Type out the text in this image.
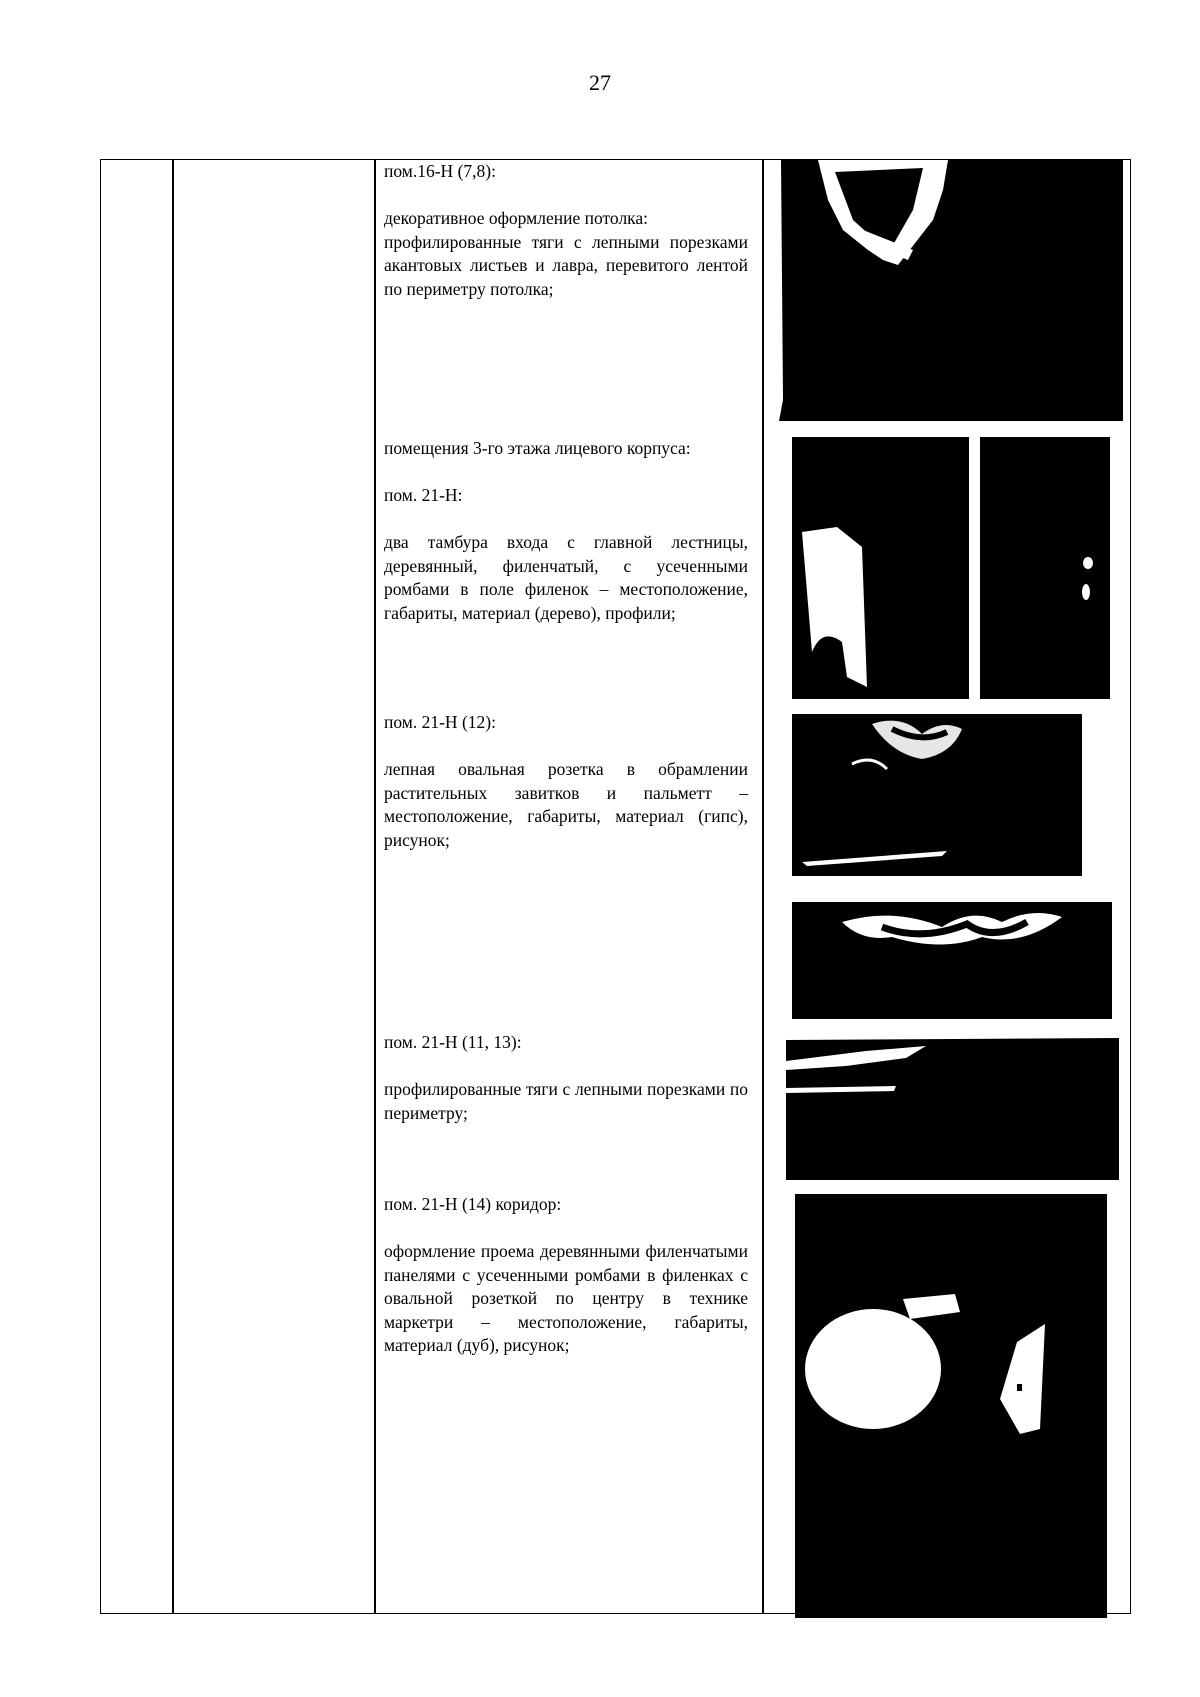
27

пом.16-Н (7,8):

декоративное оформление потолка:

профилированные тяги с лепными порезками акантовых листьев и лавра, перевитого лентой по периметру потолка;

помещения 3-го этажа лицевого корпуса:

пом. 21-Н:

два тамбура входа с главной лестницы, деревянный, филенчатый, с усеченными ромбами в поле филенок – местоположение, габариты, материал (дерево), профили;

пом. 21-Н (12):

лепная овальная розетка в обрамлении растительных завитков и пальметт – местоположение, габариты, материал (гипс), рисунок;

пом. 21-Н (11, 13):

профилированные тяги с лепными порезками по периметру;

пом. 21-Н (14) коридор:

оформление проема деревянными филенчатыми панелями с усеченными ромбами в филенках с овальной розеткой по центру в технике маркетри – местоположение, габариты, материал (дуб), рисунок;
